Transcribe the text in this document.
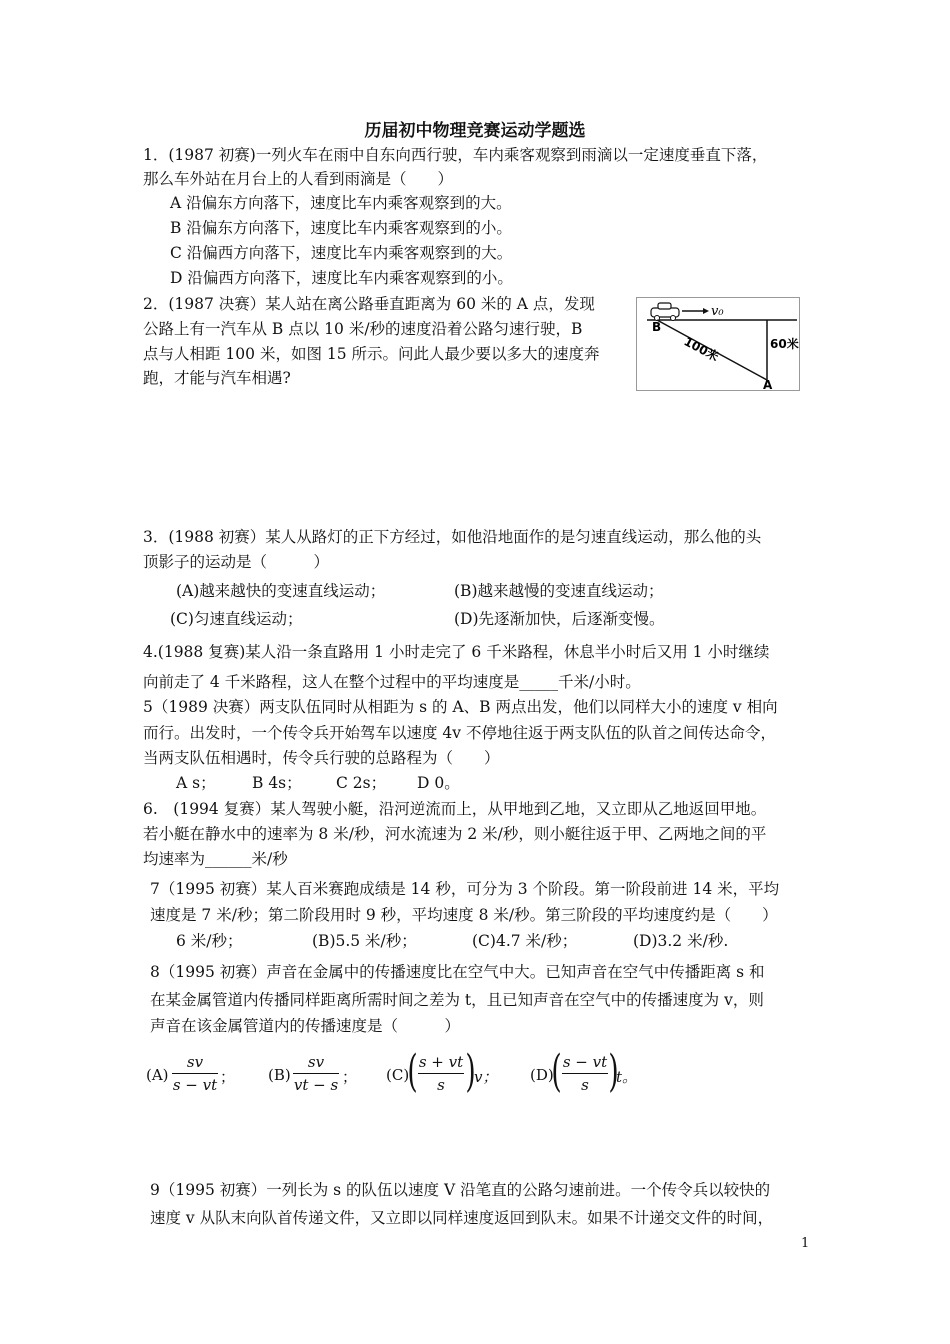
历届初中物理竞赛运动学题选
1．(1987 初赛)一列火车在雨中自东向西行驶，车内乘客观察到雨滴以一定速度垂直下落，
那么车外站在月台上的人看到雨滴是（　　）
A 沿偏东方向落下，速度比车内乘客观察到的大。
B 沿偏东方向落下，速度比车内乘客观察到的小。
C 沿偏西方向落下，速度比车内乘客观察到的大。
D 沿偏西方向落下，速度比车内乘客观察到的小。
2．(1987 决赛）某人站在离公路垂直距离为 60 米的 A 点，发现
公路上有一汽车从 B 点以 10 米/秒的速度沿着公路匀速行驶，B
点与人相距 100 米，如图 15 所示。问此人最少要以多大的速度奔
跑，才能与汽车相遇?
v₀
B
A
100米	60米
3．(1988 初赛）某人从路灯的正下方经过，如他沿地面作的是匀速直线运动，那么他的头
顶影子的运动是（　　　）
(A)越来越快的变速直线运动；	(B)越来越慢的变速直线运动；
(C)匀速直线运动；	(D)先逐渐加快，后逐渐变慢。
4.(1988 复赛)某人沿一条直路用 1 小时走完了 6 千米路程，休息半小时后又用 1 小时继续
向前走了 4 千米路程，这人在整个过程中的平均速度是_____千米/小时。
5（1989 决赛）两支队伍同时从相距为 s 的 A、B 两点出发，他们以同样大小的速度 v 相向
而行。出发时，一个传令兵开始驾车以速度 4v 不停地往返于两支队伍的队首之间传达命令，
当两支队伍相遇时，传令兵行驶的总路程为（　　）
A s； B 4s； C 2s； D 0。
6.　(1994 复赛）某人驾驶小艇，沿河逆流而上，从甲地到乙地，又立即从乙地返回甲地。
若小艇在静水中的速率为 8 米/秒，河水流速为 2 米/秒，则小艇往返于甲、乙两地之间的平
均速率为______米/秒
7（1995 初赛）某人百米赛跑成绩是 14 秒，可分为 3 个阶段。第一阶段前进 14 米，平均
速度是 7 米/秒；第二阶段用时 9 秒，平均速度 8 米/秒。第三阶段的平均速度约是（　　）
6 米/秒；	(B)5.5 米/秒；	(C)4.7 米/秒；	(D)3.2 米/秒.
8（1995 初赛）声音在金属中的传播速度比在空气中大。已知声音在空气中传播距离 s 和
在某金属管道内传播同样距离所需时间之差为 t，且已知声音在空气中的传播速度为 v，则
声音在该金属管道内的传播速度是（　　　）
(A)
sv
s − vt ； (B)
sv
vt − s ； (C)
( s + vt
s )
v； (D)
( s − vt
s )
t。
9（1995 初赛）一列长为 s 的队伍以速度 V 沿笔直的公路匀速前进。一个传令兵以较快的
速度 v 从队末向队首传递文件，又立即以同样速度返回到队末。如果不计递交文件的时间，
1
